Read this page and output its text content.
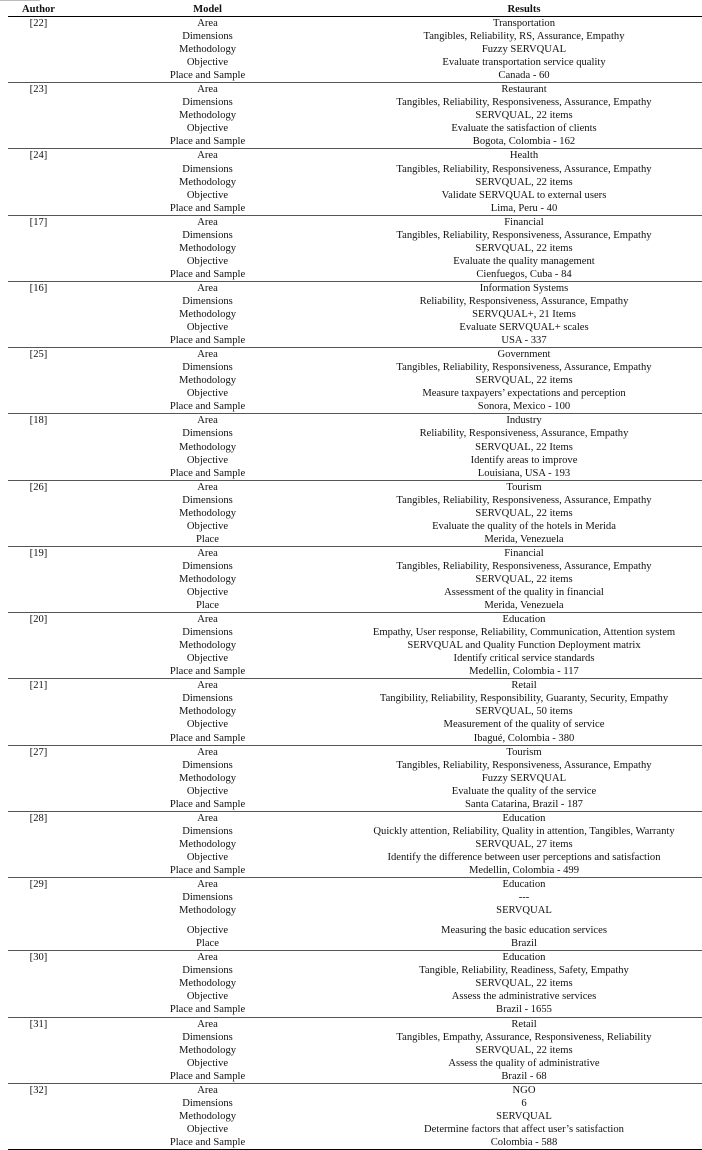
Author	Model	Results
[22]	Area	Transportation
	Dimensions	Tangibles, Reliability, RS, Assurance, Empathy
	Methodology	Fuzzy SERVQUAL
	Objective	Evaluate transportation service quality
	Place and Sample	Canada - 60
[23]	Area	Restaurant
	Dimensions	Tangibles, Reliability, Responsiveness, Assurance, Empathy
	Methodology	SERVQUAL, 22 items
	Objective	Evaluate the satisfaction of clients
	Place and Sample	Bogota, Colombia - 162
[24]	Area	Health
	Dimensions	Tangibles, Reliability, Responsiveness, Assurance, Empathy
	Methodology	SERVQUAL, 22 items
	Objective	Validate SERVQUAL to external users
	Place and Sample	Lima, Peru - 40
[17]	Area	Financial
	Dimensions	Tangibles, Reliability, Responsiveness, Assurance, Empathy
	Methodology	SERVQUAL, 22 items
	Objective	Evaluate the quality management
	Place and Sample	Cienfuegos, Cuba - 84
[16]	Area	Information Systems
	Dimensions	Reliability, Responsiveness, Assurance, Empathy
	Methodology	SERVQUAL+, 21 Items
	Objective	Evaluate SERVQUAL+ scales
	Place and Sample	USA - 337
[25]	Area	Government
	Dimensions	Tangibles, Reliability, Responsiveness, Assurance, Empathy
	Methodology	SERVQUAL, 22 items
	Objective	Measure taxpayers’ expectations and perception
	Place and Sample	Sonora, Mexico - 100
[18]	Area	Industry
	Dimensions	Reliability, Responsiveness, Assurance, Empathy
	Methodology	SERVQUAL, 22 Items
	Objective	Identify areas to improve
	Place and Sample	Louisiana, USA - 193
[26]	Area	Tourism
	Dimensions	Tangibles, Reliability, Responsiveness, Assurance, Empathy
	Methodology	SERVQUAL, 22 items
	Objective	Evaluate the quality of the hotels in Merida
	Place	Merida, Venezuela
[19]	Area	Financial
	Dimensions	Tangibles, Reliability, Responsiveness, Assurance, Empathy
	Methodology	SERVQUAL, 22 items
	Objective	Assessment of the quality in financial
	Place	Merida, Venezuela
[20]	Area	Education
	Dimensions	Empathy, User response, Reliability, Communication, Attention system
	Methodology	SERVQUAL and Quality Function Deployment matrix
	Objective	Identify critical service standards
	Place and Sample	Medellin, Colombia - 117
[21]	Area	Retail
	Dimensions	Tangibility, Reliability, Responsibility, Guaranty, Security, Empathy
	Methodology	SERVQUAL, 50 items
	Objective	Measurement of the quality of service
	Place and Sample	Ibagué, Colombia - 380
[27]	Area	Tourism
	Dimensions	Tangibles, Reliability, Responsiveness, Assurance, Empathy
	Methodology	Fuzzy SERVQUAL
	Objective	Evaluate the quality of the service
	Place and Sample	Santa Catarina, Brazil - 187
[28]	Area	Education
	Dimensions	Quickly attention, Reliability, Quality in attention, Tangibles, Warranty
	Methodology	SERVQUAL, 27 items
	Objective	Identify the difference between user perceptions and satisfaction
	Place and Sample	Medellin, Colombia - 499
[29]	Area	Education
	Dimensions	---
	Methodology	SERVQUAL

	Objective	Measuring the basic education services
	Place	Brazil
[30]	Area	Education
	Dimensions	Tangible, Reliability, Readiness, Safety, Empathy
	Methodology	SERVQUAL, 22 items
	Objective	Assess the administrative services
	Place and Sample	Brazil - 1655
[31]	Area	Retail
	Dimensions	Tangibles, Empathy, Assurance, Responsiveness, Reliability
	Methodology	SERVQUAL, 22 items
	Objective	Assess the quality of administrative
	Place and Sample	Brazil - 68
[32]	Area	NGO
	Dimensions	6
	Methodology	SERVQUAL
	Objective	Determine factors that affect user’s satisfaction
	Place and Sample	Colombia - 588
